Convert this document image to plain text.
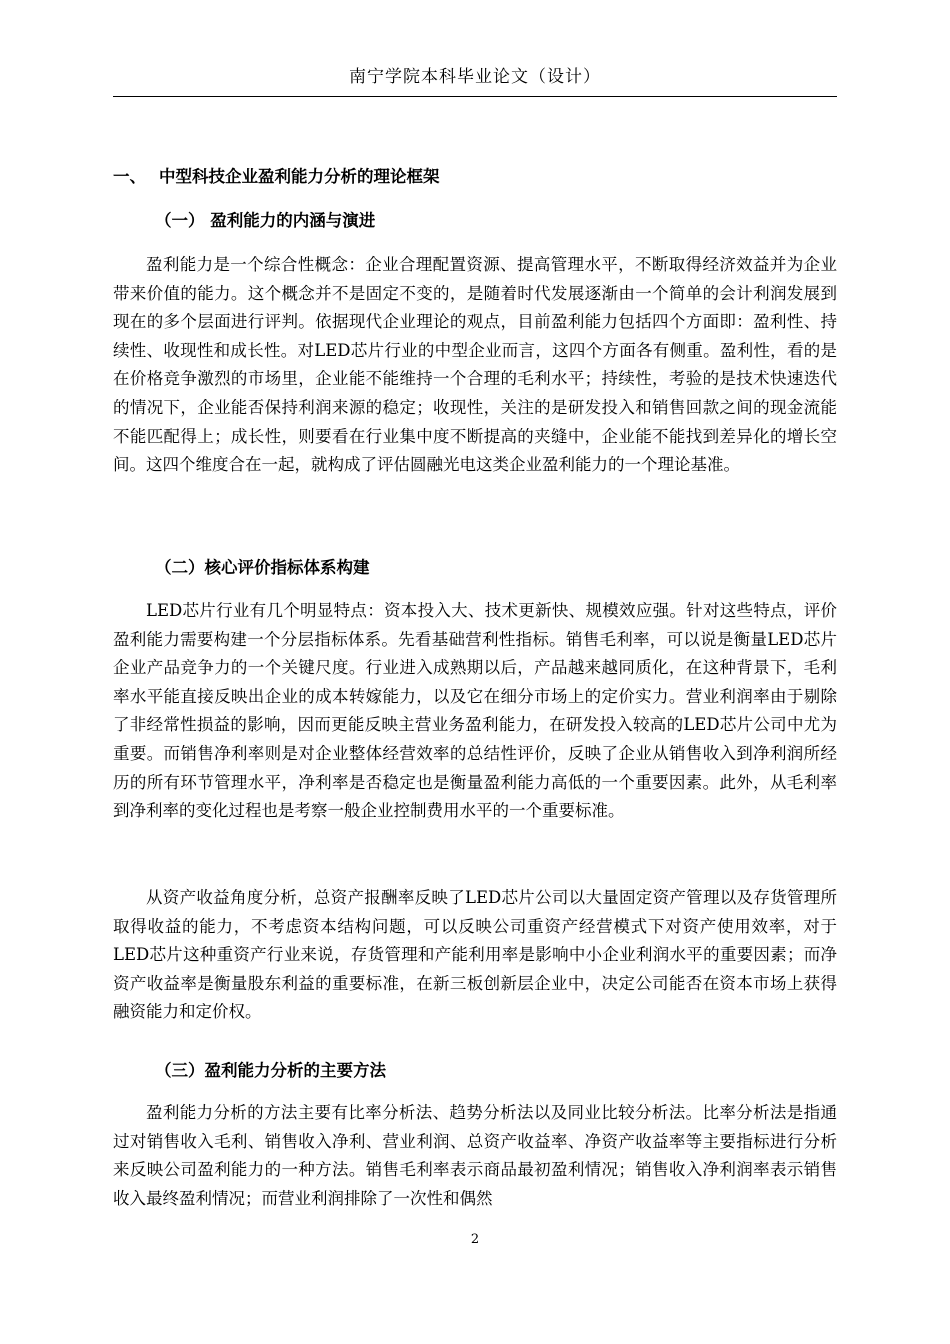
南宁学院本科毕业论文（设计）
一、 中型科技企业盈利能力分析的理论框架
（一） 盈利能力的内涵与演进
盈利能力是一个综合性概念：企业合理配置资源、提高管理水平，不断取得经济效益并为企业带来价值的能力。这个概念并不是固定不变的，是随着时代发展逐渐由一个简单的会计利润发展到现在的多个层面进行评判。依据现代企业理论的观点，目前盈利能力包括四个方面即：盈利性、持续性、收现性和成长性。对LED芯片行业的中型企业而言，这四个方面各有侧重。盈利性，看的是在价格竞争激烈的市场里，企业能不能维持一个合理的毛利水平；持续性，考验的是技术快速迭代的情况下，企业能否保持利润来源的稳定；收现性，关注的是研发投入和销售回款之间的现金流能不能匹配得上；成长性，则要看在行业集中度不断提高的夹缝中，企业能不能找到差异化的增长空间。这四个维度合在一起，就构成了评估圆融光电这类企业盈利能力的一个理论基准。
（二）核心评价指标体系构建
LED芯片行业有几个明显特点：资本投入大、技术更新快、规模效应强。针对这些特点，评价盈利能力需要构建一个分层指标体系。先看基础营利性指标。销售毛利率，可以说是衡量LED芯片企业产品竞争力的一个关键尺度。行业进入成熟期以后，产品越来越同质化，在这种背景下，毛利率水平能直接反映出企业的成本转嫁能力，以及它在细分市场上的定价实力。营业利润率由于剔除了非经常性损益的影响，因而更能反映主营业务盈利能力，在研发投入较高的LED芯片公司中尤为重要。而销售净利率则是对企业整体经营效率的总结性评价，反映了企业从销售收入到净利润所经历的所有环节管理水平，净利率是否稳定也是衡量盈利能力高低的一个重要因素。此外，从毛利率到净利率的变化过程也是考察一般企业控制费用水平的一个重要标准。
从资产收益角度分析，总资产报酬率反映了LED芯片公司以大量固定资产管理以及存货管理所取得收益的能力，不考虑资本结构问题，可以反映公司重资产经营模式下对资产使用效率，对于LED芯片这种重资产行业来说，存货管理和产能利用率是影响中小企业利润水平的重要因素；而净资产收益率是衡量股东利益的重要标准，在新三板创新层企业中，决定公司能否在资本市场上获得融资能力和定价权。
（三）盈利能力分析的主要方法
盈利能力分析的方法主要有比率分析法、趋势分析法以及同业比较分析法。比率分析法是指通过对销售收入毛利、销售收入净利、营业利润、总资产收益率、净资产收益率等主要指标进行分析来反映公司盈利能力的一种方法。销售毛利率表示商品最初盈利情况；销售收入净利润率表示销售收入最终盈利情况；而营业利润排除了一次性和偶然
2
